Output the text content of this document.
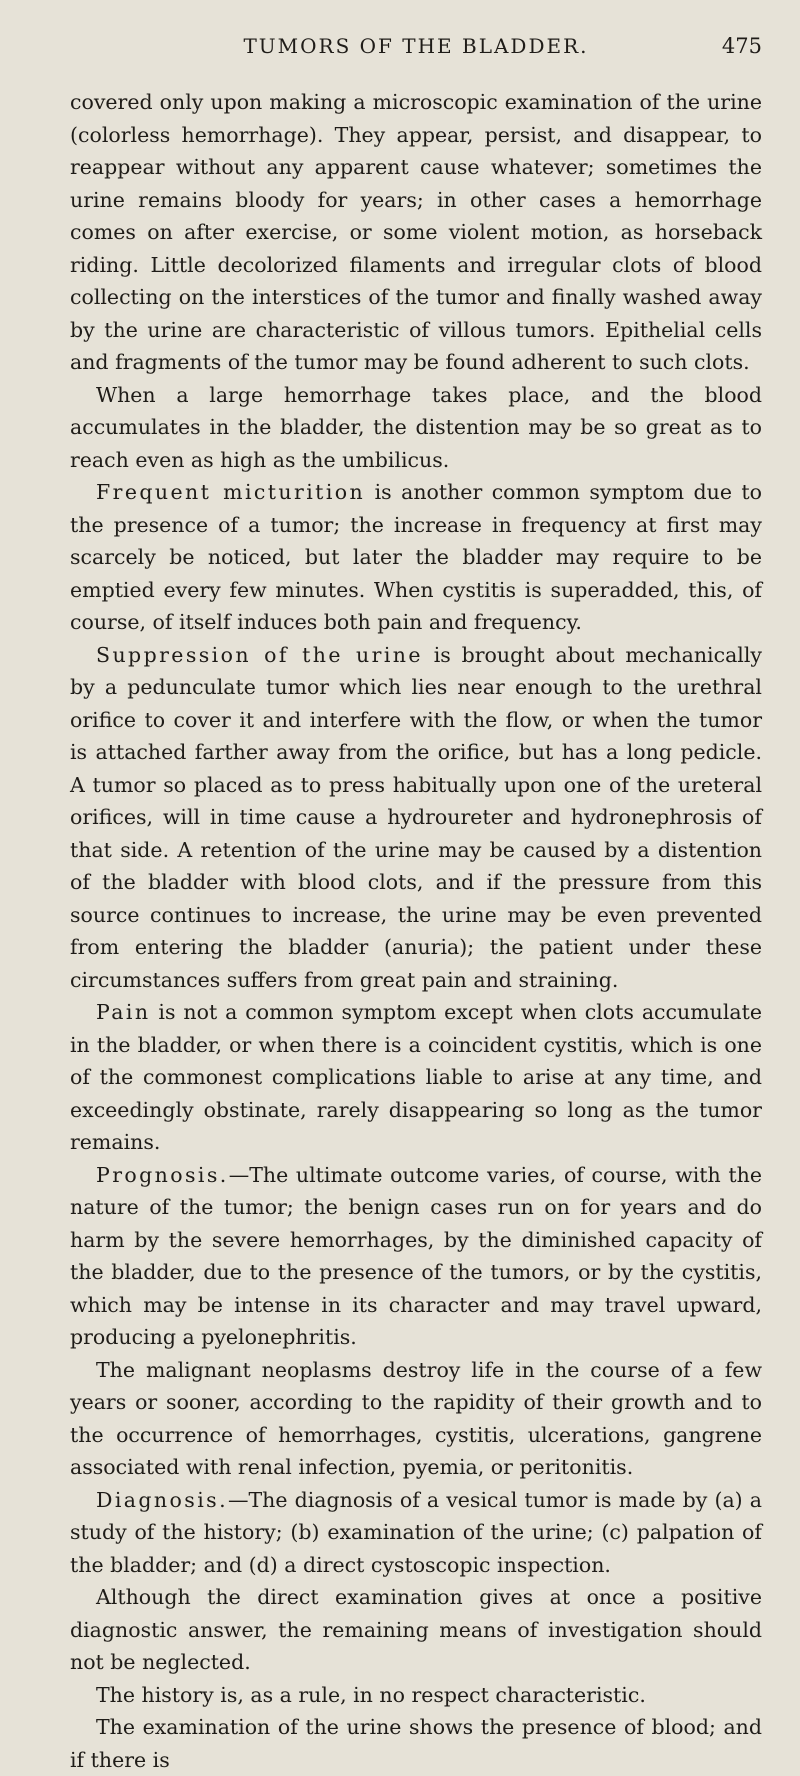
TUMORS OF THE BLADDER.	475

covered only upon making a microscopic examination of the urine (colorless hemorrhage). They appear, persist, and disappear, to reappear without any apparent cause whatever; sometimes the urine remains bloody for years; in other cases a hemorrhage comes on after exercise, or some violent motion, as horseback riding. Little decolorized filaments and irregular clots of blood collecting on the interstices of the tumor and finally washed away by the urine are characteristic of villous tumors. Epithelial cells and fragments of the tumor may be found adherent to such clots.

When a large hemorrhage takes place, and the blood accumulates in the bladder, the distention may be so great as to reach even as high as the umbilicus.

Frequent micturition is another common symptom due to the presence of a tumor; the increase in frequency at first may scarcely be noticed, but later the bladder may require to be emptied every few minutes. When cystitis is superadded, this, of course, of itself induces both pain and frequency.

Suppression of the urine is brought about mechanically by a pedunculate tumor which lies near enough to the urethral orifice to cover it and interfere with the flow, or when the tumor is attached farther away from the orifice, but has a long pedicle. A tumor so placed as to press habitually upon one of the ureteral orifices, will in time cause a hydroureter and hydronephrosis of that side. A retention of the urine may be caused by a distention of the bladder with blood clots, and if the pressure from this source continues to increase, the urine may be even prevented from entering the bladder (anuria); the patient under these circumstances suffers from great pain and straining.

Pain is not a common symptom except when clots accumulate in the bladder, or when there is a coincident cystitis, which is one of the commonest complications liable to arise at any time, and exceedingly obstinate, rarely disappearing so long as the tumor remains.

Prognosis.—The ultimate outcome varies, of course, with the nature of the tumor; the benign cases run on for years and do harm by the severe hemorrhages, by the diminished capacity of the bladder, due to the presence of the tumors, or by the cystitis, which may be intense in its character and may travel upward, producing a pyelonephritis.

The malignant neoplasms destroy life in the course of a few years or sooner, according to the rapidity of their growth and to the occurrence of hemorrhages, cystitis, ulcerations, gangrene associated with renal infection, pyemia, or peritonitis.

Diagnosis.—The diagnosis of a vesical tumor is made by (a) a study of the history; (b) examination of the urine; (c) palpation of the bladder; and (d) a direct cystoscopic inspection.

Although the direct examination gives at once a positive diagnostic answer, the remaining means of investigation should not be neglected.

The history is, as a rule, in no respect characteristic.

The examination of the urine shows the presence of blood; and if there is
